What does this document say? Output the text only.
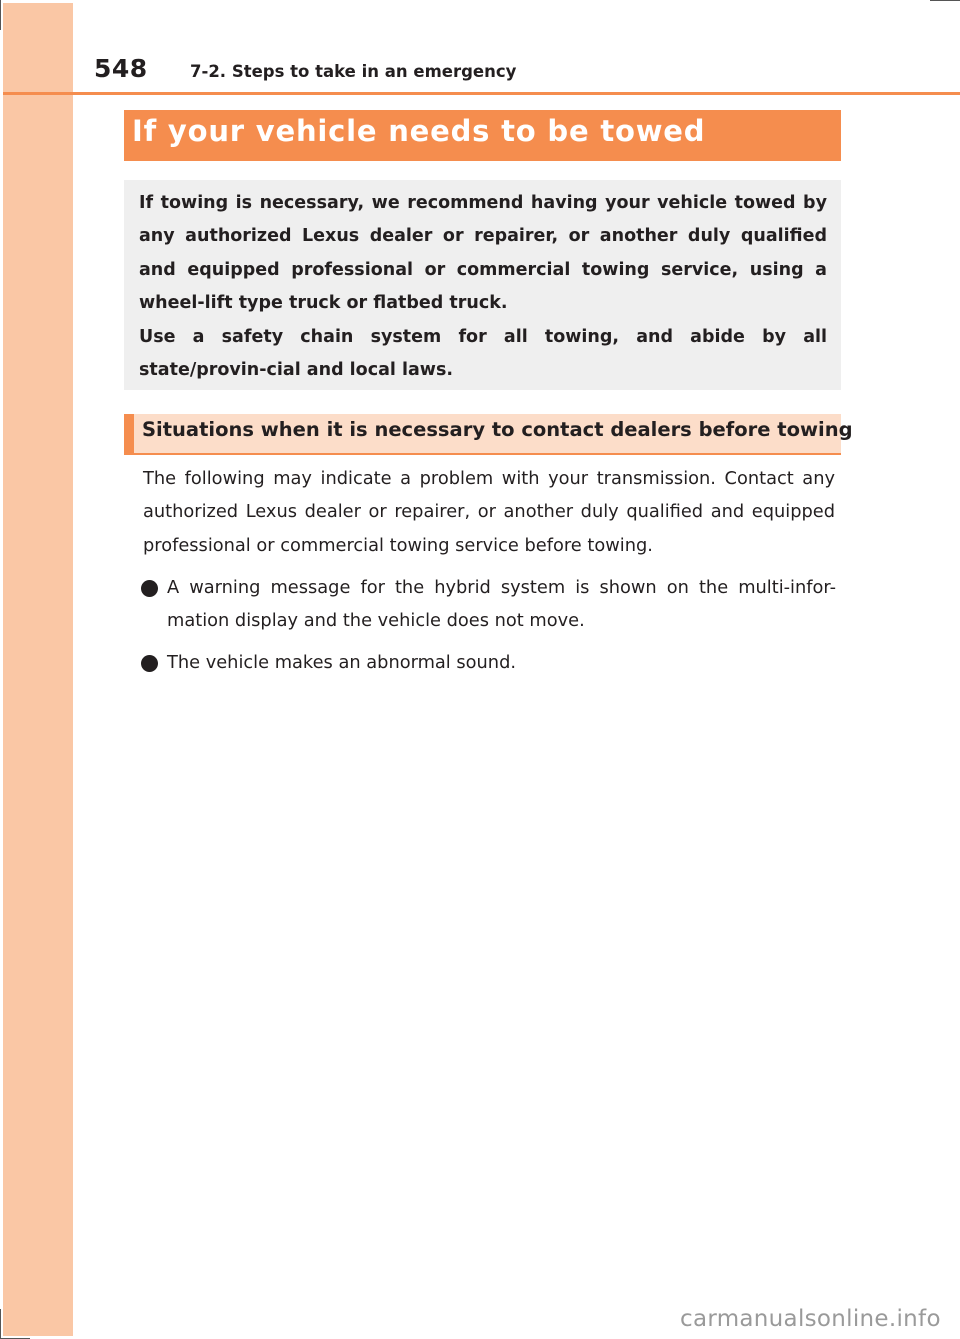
548	7-2. Steps to take in an emergency
If your vehicle needs to be towed

If towing is necessary, we recommend having your vehicle towed by any authorized Lexus dealer or repairer, or another duly qualified and equipped professional or commercial towing service, using a wheel-lift type truck or flatbed truck.

Use a safety chain system for all towing, and abide by all state/provin-cial and local laws.

Situations when it is necessary to contact dealers before towing

The following may indicate a problem with your transmission. Contact any authorized Lexus dealer or repairer, or another duly qualified and equipped professional or commercial towing service before towing.

A warning message for the hybrid system is shown on the multi-infor-mation display and the vehicle does not move.

The vehicle makes an abnormal sound.

carmanualsonline.info
